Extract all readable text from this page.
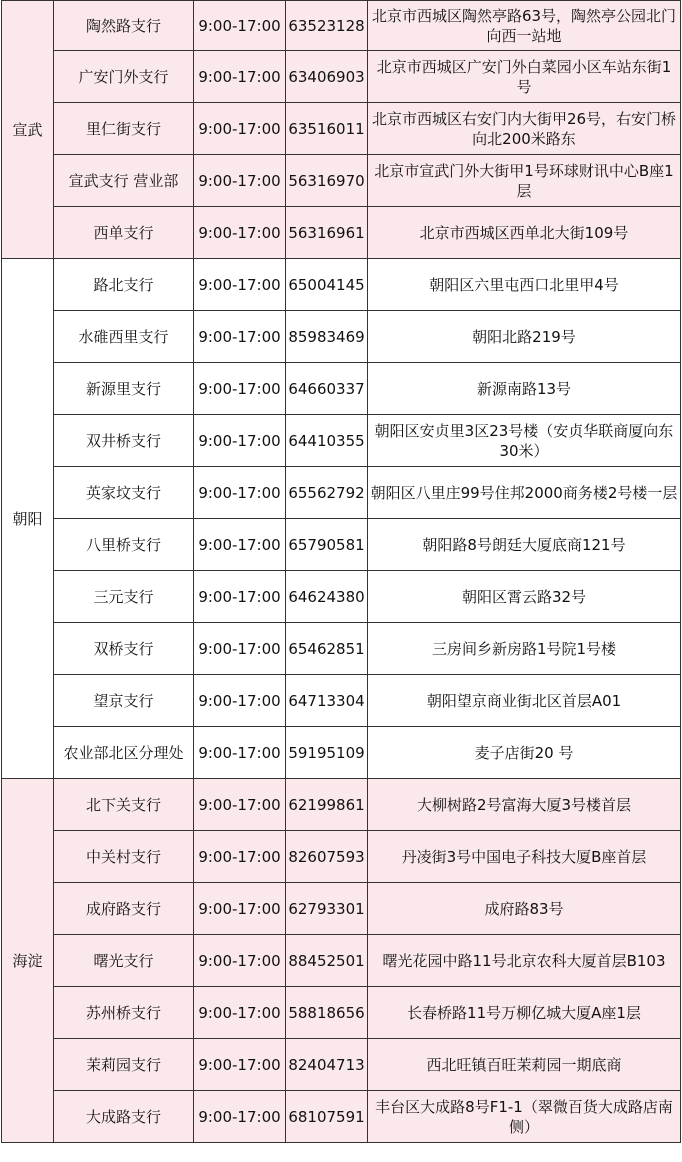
宣武	陶然路支行	9:00-17:00	63523128	北京市西城区陶然亭路63号，陶然亭公园北门向西一站地
	广安门外支行	9:00-17:00	63406903	北京市西城区广安门外白菜园小区车站东街1号
	里仁街支行	9:00-17:00	63516011	北京市西城区右安门内大街甲26号，右安门桥向北200米路东
	宣武支行 营业部	9:00-17:00	56316970	北京市宣武门外大街甲1号环球财讯中心B座1层
	西单支行	9:00-17:00	56316961	北京市西城区西单北大街109号
朝阳	路北支行	9:00-17:00	65004145	朝阳区六里屯西口北里甲4号
	水碓西里支行	9:00-17:00	85983469	朝阳北路219号
	新源里支行	9:00-17:00	64660337	新源南路13号
	双井桥支行	9:00-17:00	64410355	朝阳区安贞里3区23号楼（安贞华联商厦向东30米）
	英家坟支行	9:00-17:00	65562792	朝阳区八里庄99号住邦2000商务楼2号楼一层
	八里桥支行	9:00-17:00	65790581	朝阳路8号朗廷大厦底商121号
	三元支行	9:00-17:00	64624380	朝阳区霄云路32号
	双桥支行	9:00-17:00	65462851	三房间乡新房路1号院1号楼
	望京支行	9:00-17:00	64713304	朝阳望京商业街北区首层A01
	农业部北区分理处	9:00-17:00	59195109	麦子店街20 号
海淀	北下关支行	9:00-17:00	62199861	大柳树路2号富海大厦3号楼首层
	中关村支行	9:00-17:00	82607593	丹凌街3号中国电子科技大厦B座首层
	成府路支行	9:00-17:00	62793301	成府路83号
	曙光支行	9:00-17:00	88452501	曙光花园中路11号北京农科大厦首层B103
	苏州桥支行	9:00-17:00	58818656	长春桥路11号万柳亿城大厦A座1层
	茉莉园支行	9:00-17:00	82404713	西北旺镇百旺茉莉园一期底商
	大成路支行	9:00-17:00	68107591	丰台区大成路8号F1-1（翠微百货大成路店南侧）
